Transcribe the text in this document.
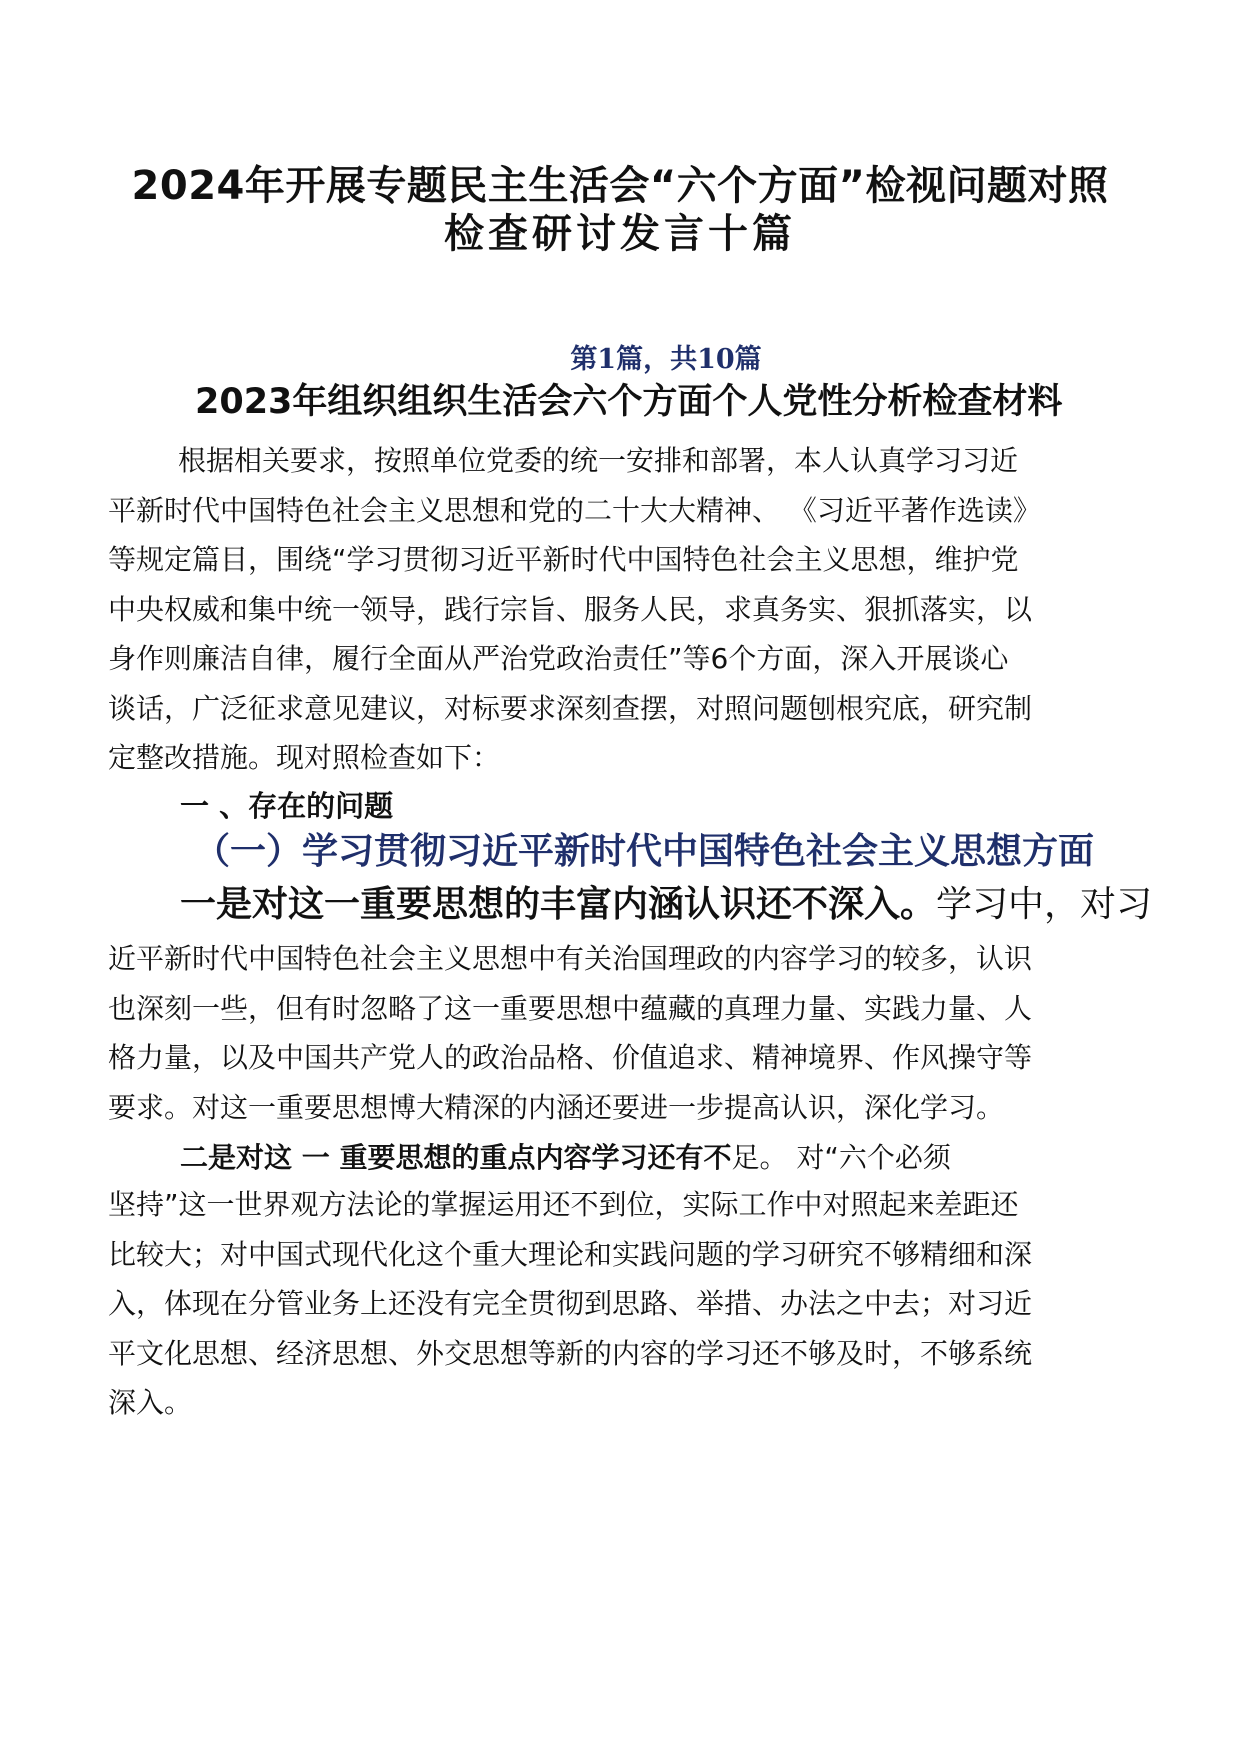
2024年开展专题民主生活会“六个方面”检视问题对照
检查研讨发言十篇
第1篇，共10篇
2023年组织组织生活会六个方面个人党性分析检查材料
根据相关要求，按照单位党委的统一安排和部署，本人认真学习习近
平新时代中国特色社会主义思想和党的二十大大精神、 《习近平著作选读》
等规定篇目，围绕“学习贯彻习近平新时代中国特色社会主义思想，维护党
中央权威和集中统一领导，践行宗旨、服务人民，求真务实、狠抓落实，以
身作则廉洁自律，履行全面从严治党政治责任”等6个方面，深入开展谈心
谈话，广泛征求意见建议，对标要求深刻查摆，对照问题刨根究底，研究制
定整改措施。现对照检查如下：
一 、存在的问题
（一）学习贯彻习近平新时代中国特色社会主义思想方面
一是对这一重要思想的丰富内涵认识还不深入。学习中，对习
近平新时代中国特色社会主义思想中有关治国理政的内容学习的较多，认识
也深刻一些，但有时忽略了这一重要思想中蕴藏的真理力量、实践力量、人
格力量，以及中国共产党人的政治品格、价值追求、精神境界、作风操守等
要求。对这一重要思想博大精深的内涵还要进一步提高认识，深化学习。
二是对这 一 重要思想的重点内容学习还有不足。 对“六个必须
坚持”这一世界观方法论的掌握运用还不到位，实际工作中对照起来差距还
比较大；对中国式现代化这个重大理论和实践问题的学习研究不够精细和深
入，体现在分管业务上还没有完全贯彻到思路、举措、办法之中去；对习近
平文化思想、经济思想、外交思想等新的内容的学习还不够及时，不够系统
深入。
